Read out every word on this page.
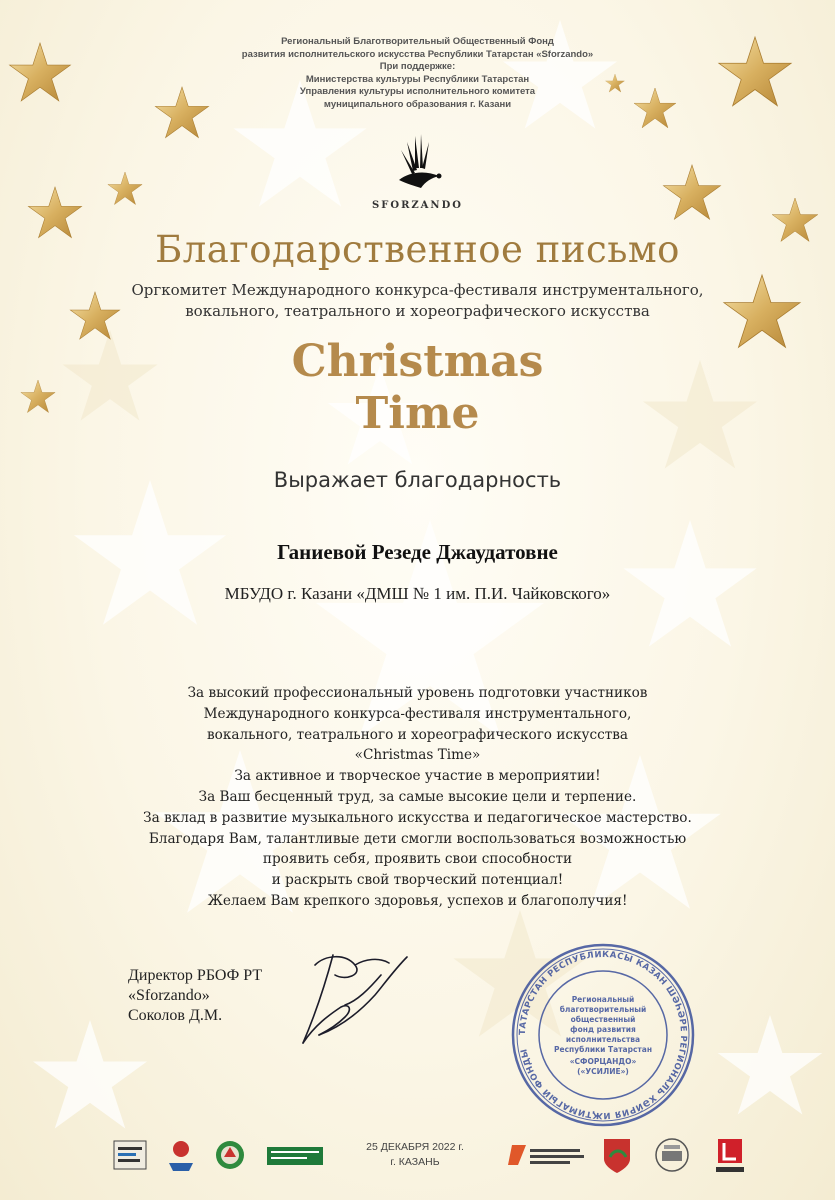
Региональный Благотворительный Общественный Фонд
развития исполнительского искусства Республики Татарстан «Sforzando»
При поддержке:
Министерства культуры Республики Татарстан
Управления культуры исполнительного комитета
муниципального образования г. Казани
SFORZANDO
Благодарственное письмо
Оргкомитет Международного конкурса-фестиваля инструментального,
вокального, театрального и хореографического искусства
Christmas
Time
Выражает благодарность
Ганиевой Резеде Джаудатовне
МБУДО г. Казани «ДМШ № 1 им. П.И. Чайковского»
За высокий профессиональный уровень подготовки участников
Международного конкурса-фестиваля инструментального,
вокального, театрального и хореографического искусства
«Christmas Time»
За активное и творческое участие в мероприятии!
За Ваш бесценный труд, за самые высокие цели и терпение.
За вклад в развитие музыкального искусства и педагогическое мастерство.
Благодаря Вам, талантливые дети смогли воспользоваться возможностью
проявить себя, проявить свои способности
и раскрыть свой творческий потенциал!
Желаем Вам крепкого здоровья, успехов и благополучия!
Директор РБОФ РТ
«Sforzando»
Соколов Д.М.
ТАТАРСТАН РЕСПУБЛИКАСЫ КАЗАН ШӘҺӘРЕ РЕГИОНАЛЬ ХӘЙРИЯ ИҖТИМАГЫЙ ФОНДЫ
Региональный
благотворительный
общественный
фонд развития
исполнительства
Республики Татарстан
«СФОРЦАНДО»
(«УСИЛИЕ»)
25 ДЕКАБРЯ 2022 г.
г. КАЗАНЬ
